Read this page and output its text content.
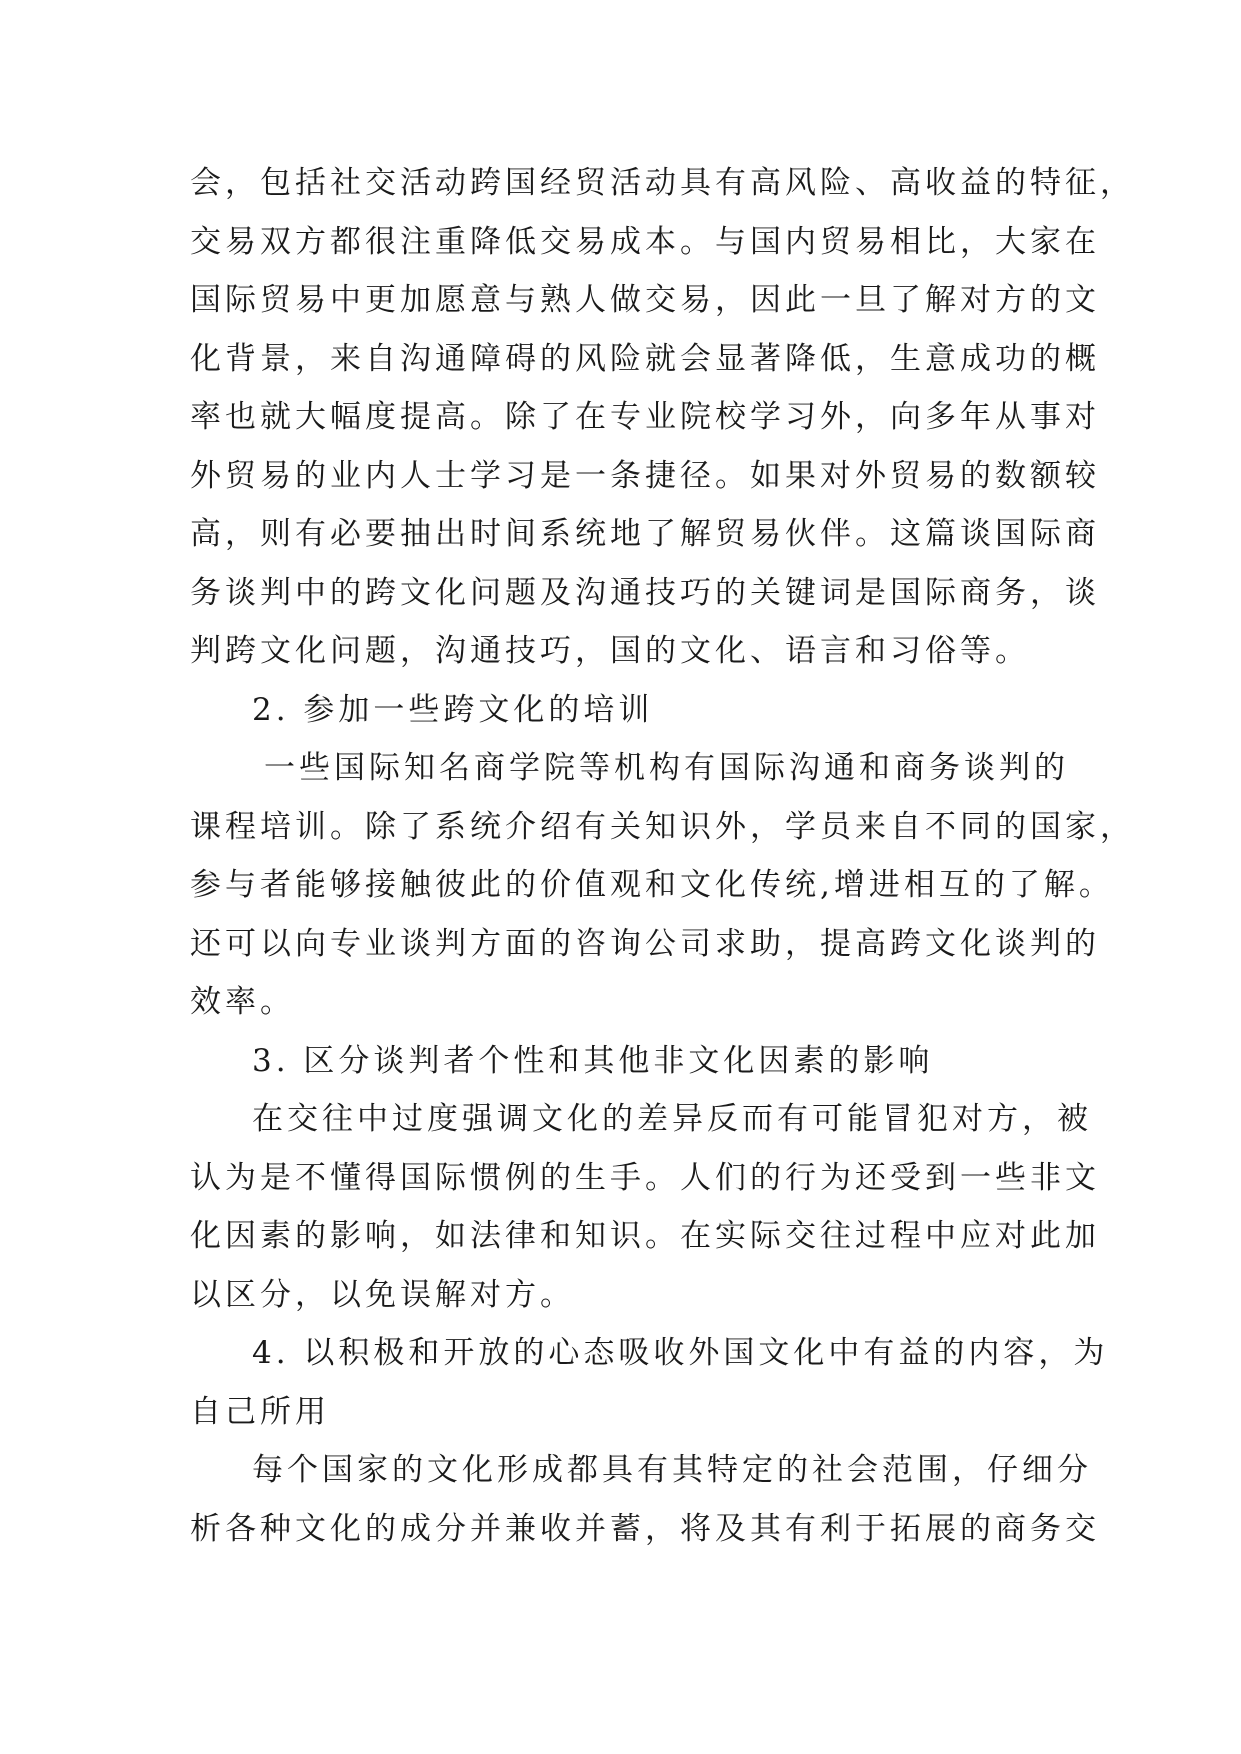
会，包括社交活动跨国经贸活动具有高风险、高收益的特征，
交易双方都很注重降低交易成本。与国内贸易相比，大家在
国际贸易中更加愿意与熟人做交易，因此一旦了解对方的文
化背景，来自沟通障碍的风险就会显著降低，生意成功的概
率也就大幅度提高。除了在专业院校学习外，向多年从事对
外贸易的业内人士学习是一条捷径。如果对外贸易的数额较
高，则有必要抽出时间系统地了解贸易伙伴。这篇谈国际商
务谈判中的跨文化问题及沟通技巧的关键词是国际商务，谈
判跨文化问题，沟通技巧，国的文化、语言和习俗等。
2. 参加一些跨文化的培训
一些国际知名商学院等机构有国际沟通和商务谈判的
课程培训。除了系统介绍有关知识外，学员来自不同的国家，
参与者能够接触彼此的价值观和文化传统,增进相互的了解。
还可以向专业谈判方面的咨询公司求助，提高跨文化谈判的
效率。
3. 区分谈判者个性和其他非文化因素的影响
在交往中过度强调文化的差异反而有可能冒犯对方，被
认为是不懂得国际惯例的生手。人们的行为还受到一些非文
化因素的影响，如法律和知识。在实际交往过程中应对此加
以区分，以免误解对方。
4. 以积极和开放的心态吸收外国文化中有益的内容，为
自己所用
每个国家的文化形成都具有其特定的社会范围，仔细分
析各种文化的成分并兼收并蓄，将及其有利于拓展的商务交
